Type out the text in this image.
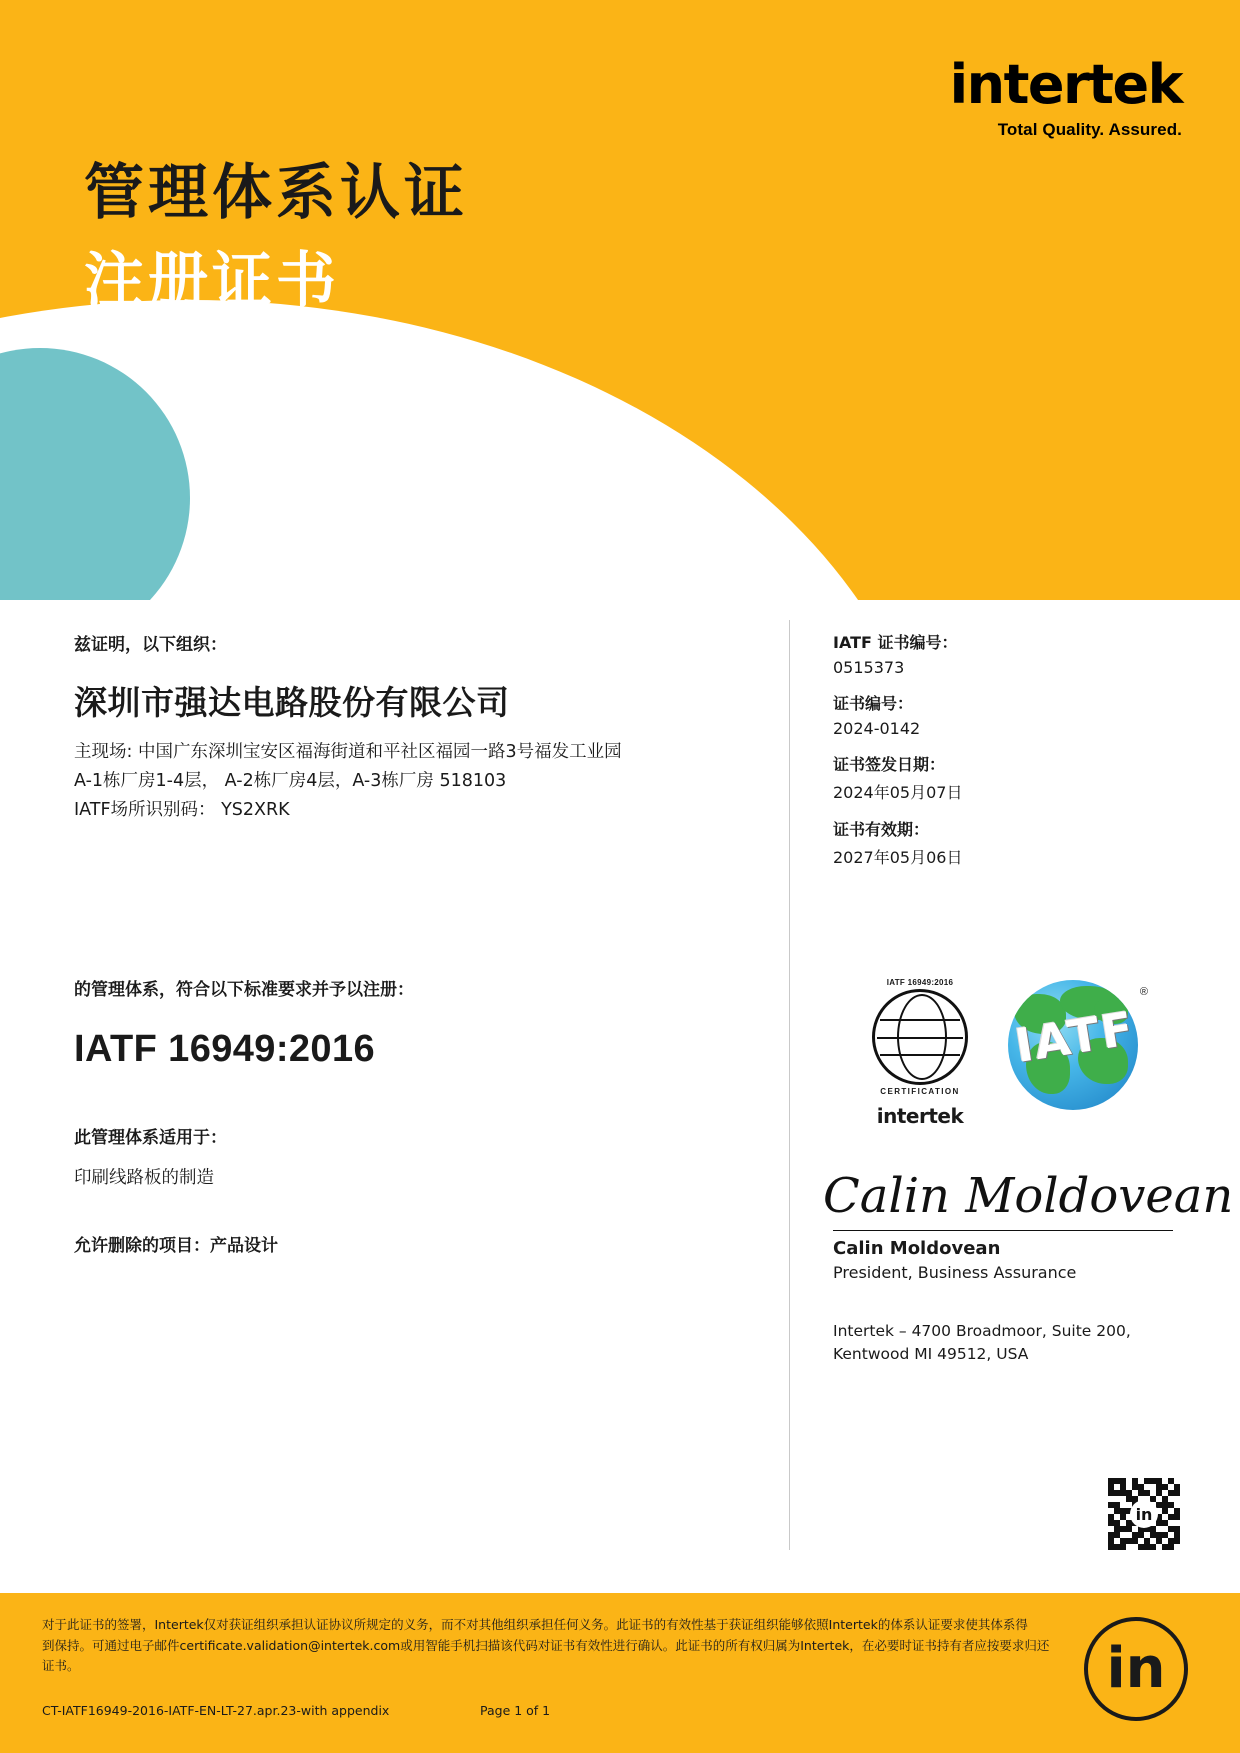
intertek
Total Quality. Assured.
管理体系认证
注册证书
兹证明，以下组织：
深圳市强达电路股份有限公司
主现场: 中国广东深圳宝安区福海街道和平社区福园一路3号福发工业园
A-1栋厂房1-4层， A-2栋厂房4层，A-3栋厂房 518103
IATF场所识别码： YS2XRK
的管理体系，符合以下标准要求并予以注册：
IATF 16949:2016
此管理体系适用于：
印刷线路板的制造
允许删除的项目：产品设计
IATF 证书编号：
0515373
证书编号：
2024-0142
证书签发日期：
2024年05月07日
证书有效期：
2027年05月06日
IATF 16949:2016
CERTIFICATION
intertek
IATF
®
Calin Moldovean
Calin Moldovean
President, Business Assurance
Intertek – 4700 Broadmoor, Suite 200,
Kentwood MI 49512, USA
in
对于此证书的签署，Intertek仅对获证组织承担认证协议所规定的义务，而不对其他组织承担任何义务。此证书的有效性基于获证组织能够依照Intertek的体系认证要求使其体系得
到保持。可通过电子邮件certificate.validation@intertek.com或用智能手机扫描该代码对证书有效性进行确认。此证书的所有权归属为Intertek，在必要时证书持有者应按要求归还
证书。
CT-IATF16949-2016-IATF-EN-LT-27.apr.23-with appendix	Page 1 of 1
in
